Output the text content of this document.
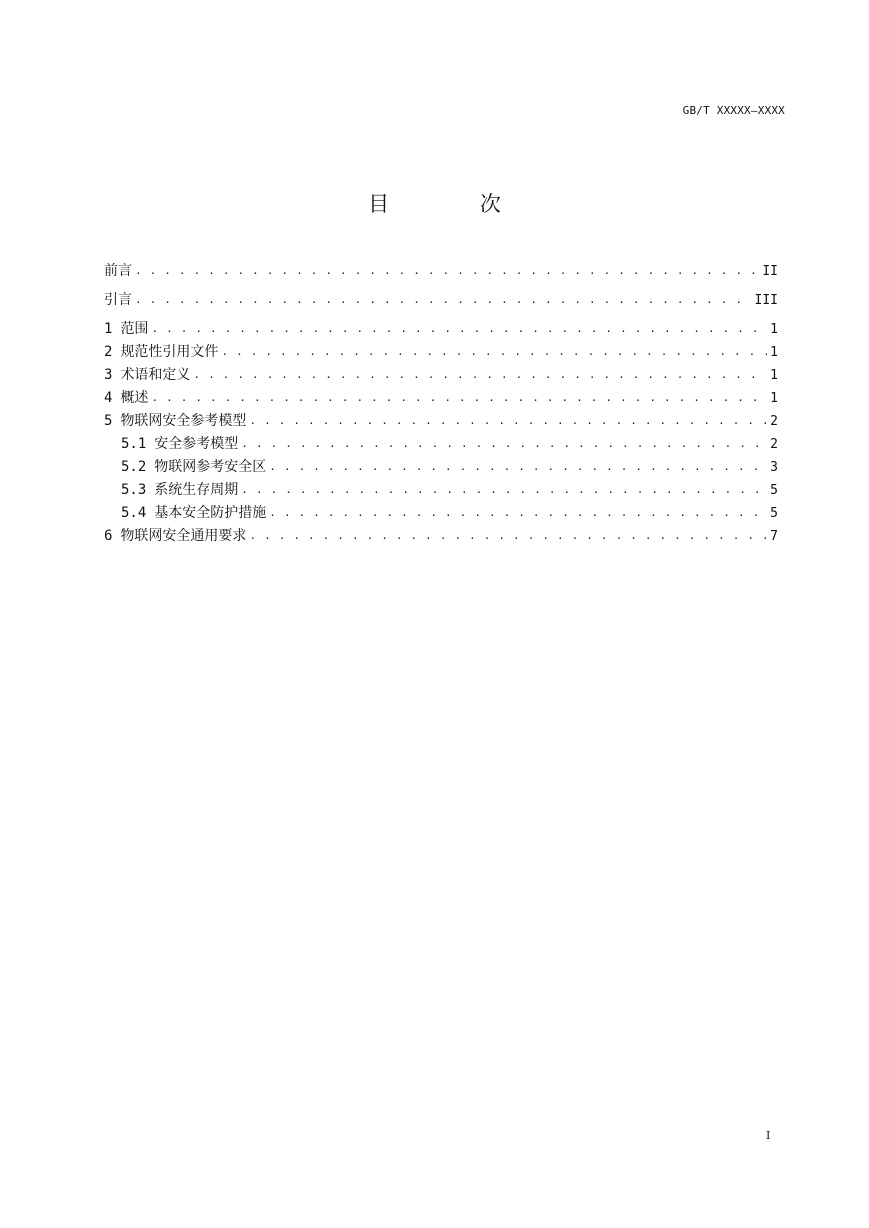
GB/T XXXXX—XXXX
目 次
前言 . . .	II
引言 . . .	III
1 范围 . . .	1
2 规范性引用文件 . . .	1
3 术语和定义 . . .	1
4 概述 . . .	1
5 物联网安全参考模型 . . .	2
5.1 安全参考模型 . . .	2
5.2 物联网参考安全区 . . .	3
5.3 系统生存周期 . . .	5
5.4 基本安全防护措施 . . .	5
6 物联网安全通用要求 . . .	7
I
